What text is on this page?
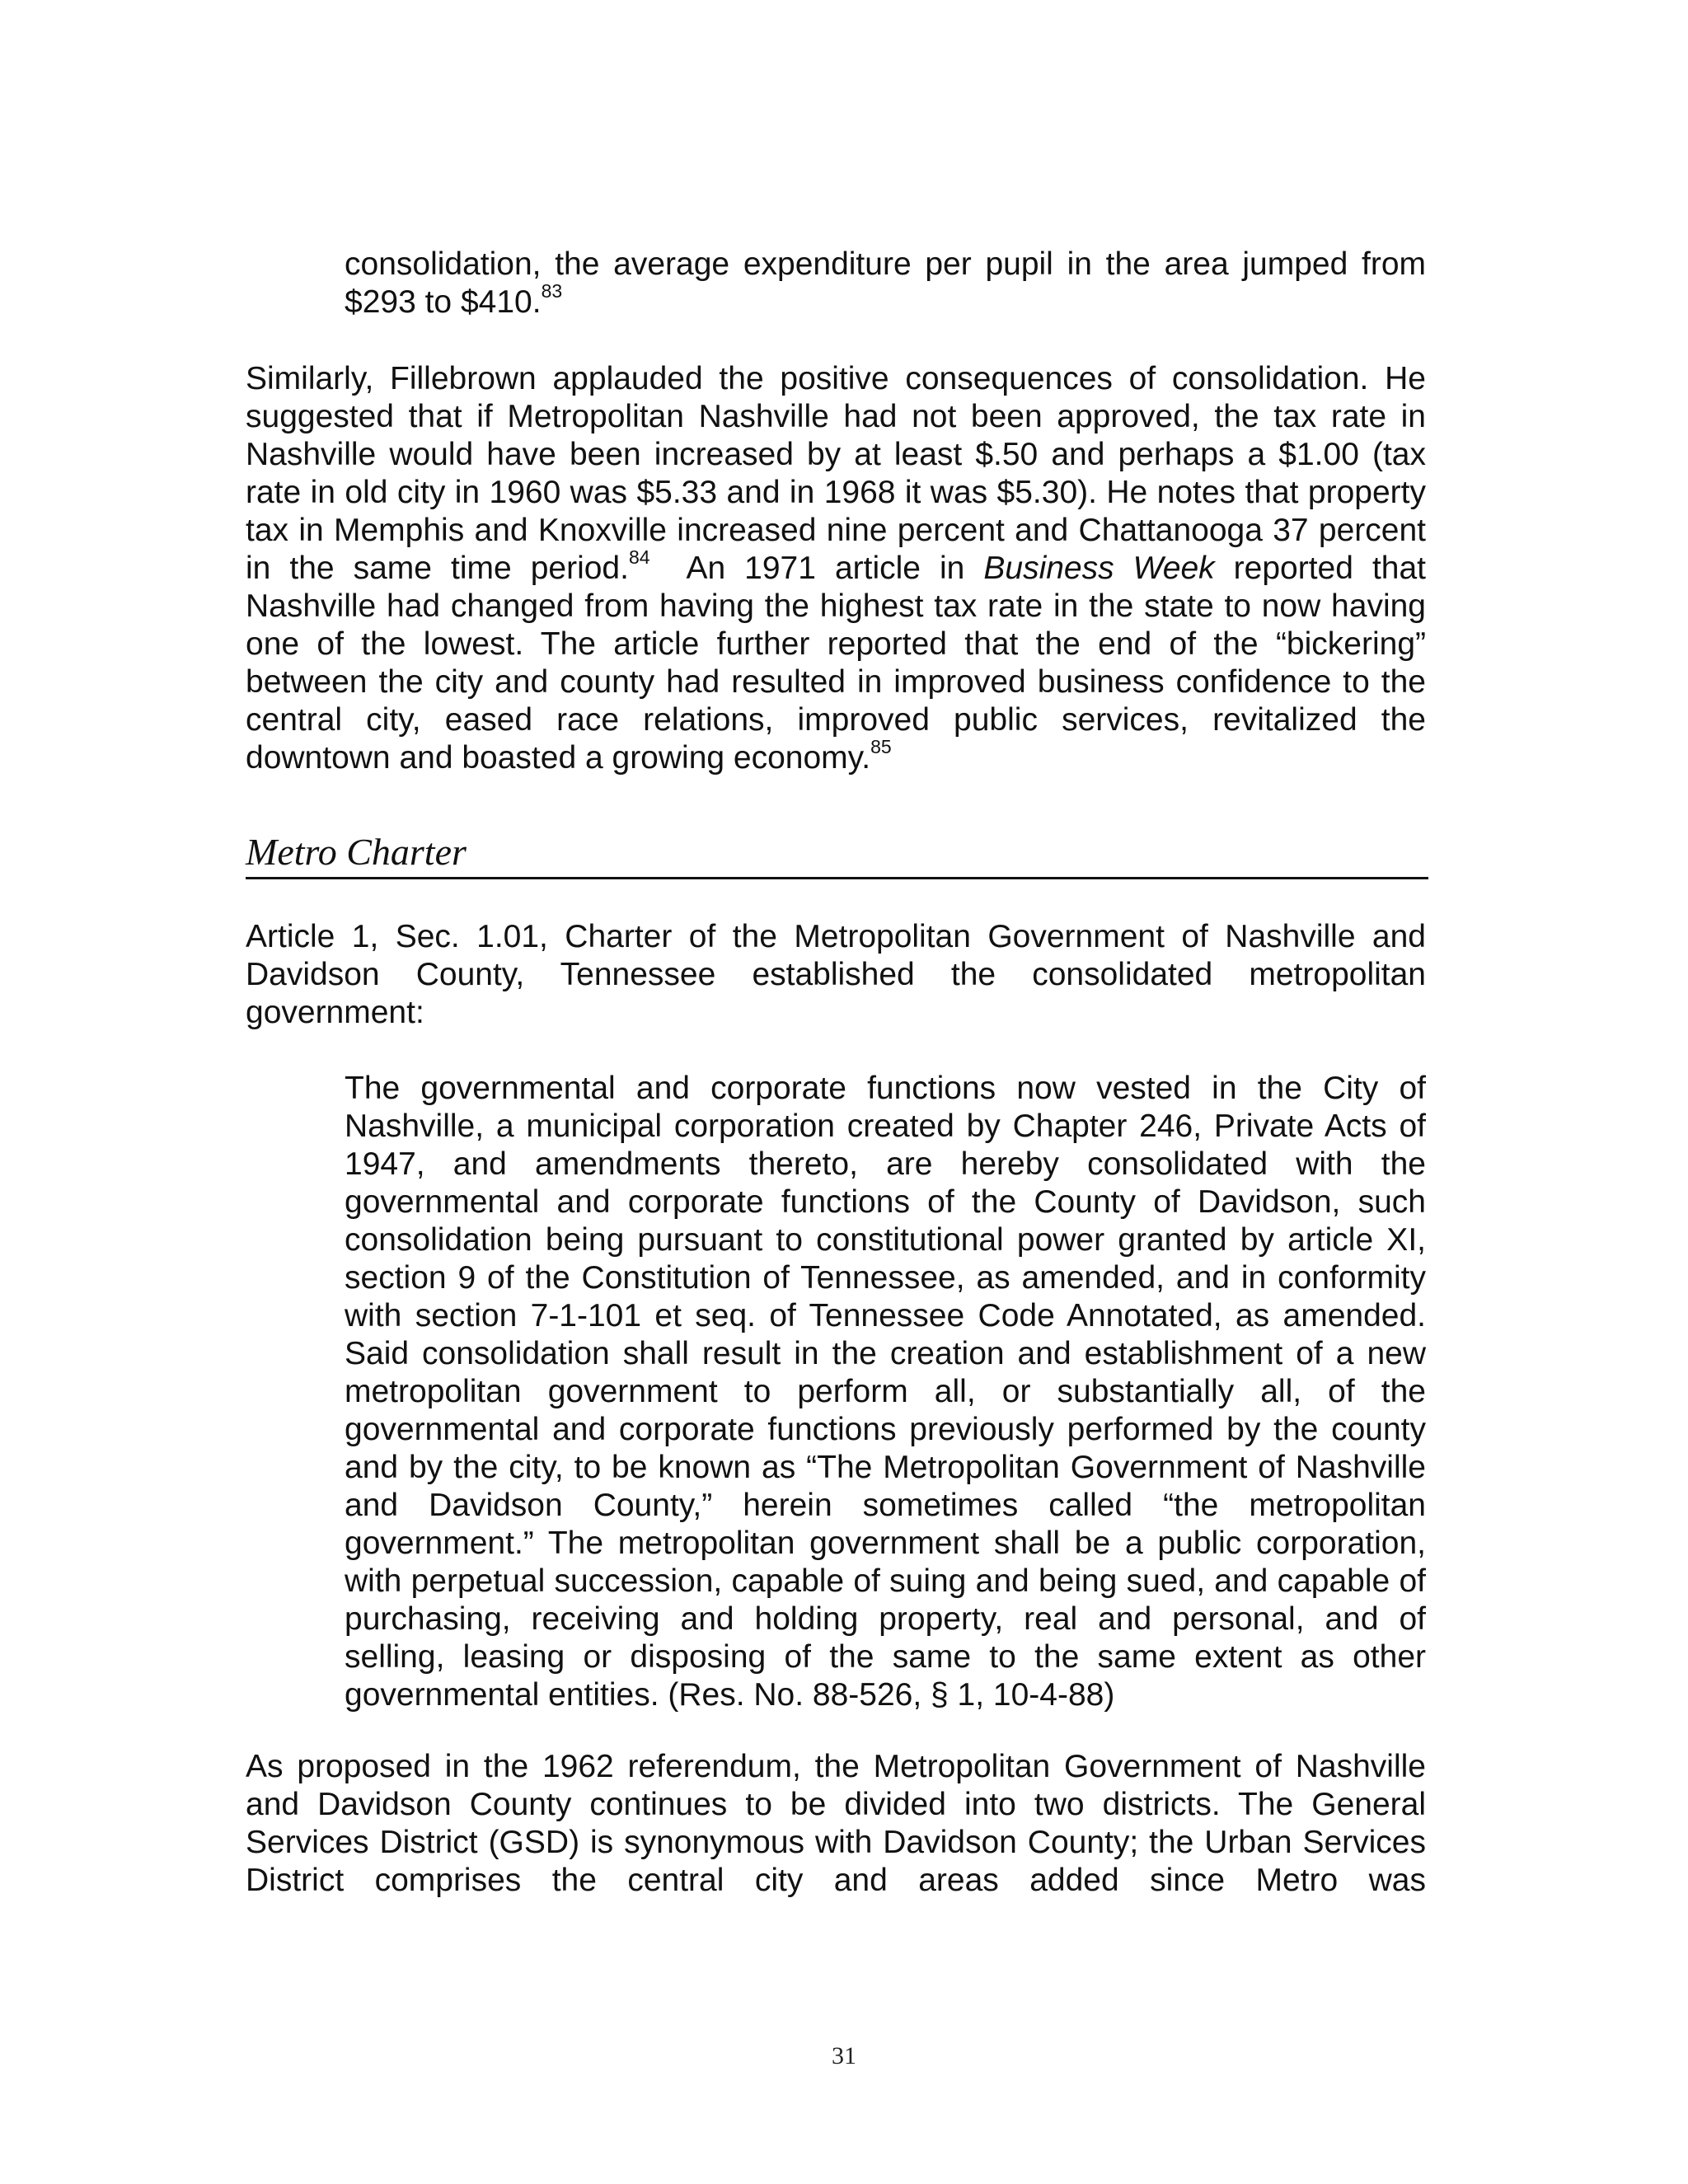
consolidation, the average expenditure per pupil in the area jumped from $293 to $410.83

Similarly, Fillebrown applauded the positive consequences of consolidation. He suggested that if Metropolitan Nashville had not been approved, the tax rate in Nashville would have been increased by at least $.50 and perhaps a $1.00 (tax rate in old city in 1960 was $5.33 and in 1968 it was $5.30). He notes that property tax in Memphis and Knoxville increased nine percent and Chattanooga 37 percent in the same time period.$^{84}$  An 1971 article in Business Week reported that Nashville had changed from having the highest tax rate in the state to now having one of the lowest. The article further reported that the end of the “bickering” between the city and county had resulted in improved business confidence to the central city, eased race relations, improved public services, revitalized the downtown and boasted a growing economy.$^{85}$

Metro Charter

Article 1, Sec. 1.01, Charter of the Metropolitan Government of Nashville and Davidson County, Tennessee established the consolidated metropolitan government:

The governmental and corporate functions now vested in the City of Nashville, a municipal corporation created by Chapter 246, Private Acts of 1947, and amendments thereto, are hereby consolidated with the governmental and corporate functions of the County of Davidson, such consolidation being pursuant to constitutional power granted by article XI, section 9 of the Constitution of Tennessee, as amended, and in conformity with section 7-1-101 et seq. of Tennessee Code Annotated, as amended. Said consolidation shall result in the creation and establishment of a new metropolitan government to perform all, or substantially all, of the governmental and corporate functions previously performed by the county and by the city, to be known as “The Metropolitan Government of Nashville and Davidson County,” herein sometimes called “the metropolitan government.” The metropolitan government shall be a public corporation, with perpetual succession, capable of suing and being sued, and capable of purchasing, receiving and holding property, real and personal, and of selling, leasing or disposing of the same to the same extent as other governmental entities. (Res. No. 88-526, § 1, 10-4-88)

As proposed in the 1962 referendum, the Metropolitan Government of Nashville and Davidson County continues to be divided into two districts. The General Services District (GSD) is synonymous with Davidson County; the Urban Services District comprises the central city and areas added since Metro was

31
